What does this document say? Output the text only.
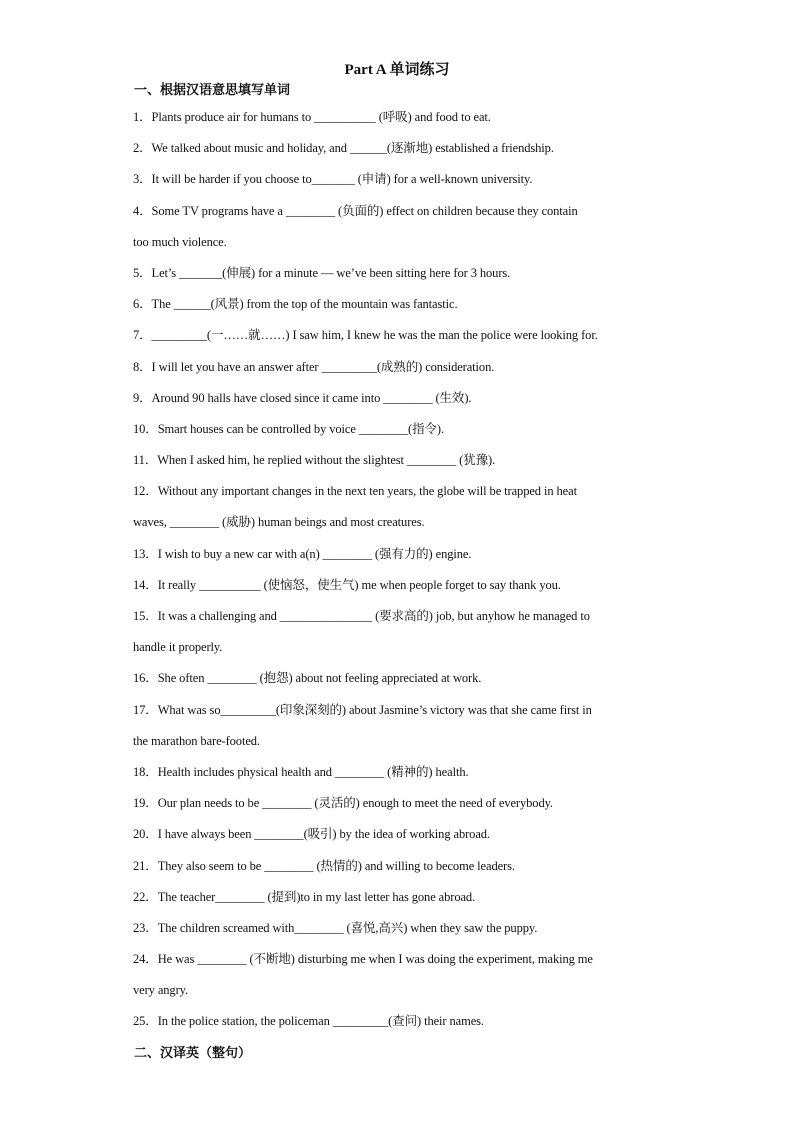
Part A 单词练习
一、根据汉语意思填写单词
1．Plants produce air for humans to __________ (呼吸) and food to eat.
2．We talked about music and holiday, and ______(逐渐地) established a friendship.
3．It will be harder if you choose to_______ (申请) for a well-known university.
4．Some TV programs have a ________ (负面的) effect on children because they contain
too much violence.
5．Let’s _______(伸展) for a minute — we’ve been sitting here for 3 hours.
6．The ______(风景) from the top of the mountain was fantastic.
7．_________(一……就……) I saw him, I knew he was the man the police were looking for.
8．I will let you have an answer after _________(成熟的) consideration.
9．Around 90 halls have closed since it came into ________ (生效).
10．Smart houses can be controlled by voice ________(指令).
11．When I asked him, he replied without the slightest ________ (犹豫).
12．Without any important changes in the next ten years, the globe will be trapped in heat
waves, ________ (威胁) human beings and most creatures.
13．I wish to buy a new car with a(n) ________ (强有力的) engine.
14．It really __________ (使恼怒，使生气) me when people forget to say thank you.
15．It was a challenging and _______________ (要求高的) job, but anyhow he managed to
handle it properly.
16．She often ________ (抱怨) about not feeling appreciated at work.
17．What was so_________(印象深刻的) about Jasmine’s victory was that she came first in
the marathon bare-footed.
18．Health includes physical health and ________ (精神的) health.
19．Our plan needs to be ________ (灵活的) enough to meet the need of everybody.
20．I have always been ________(吸引) by the idea of working abroad.
21．They also seem to be ________ (热情的) and willing to become leaders.
22．The teacher________ (提到)to in my last letter has gone abroad.
23．The children screamed with________ (喜悦,高兴) when they saw the puppy.
24．He was ________ (不断地) disturbing me when I was doing the experiment, making me
very angry.
25．In the police station, the policeman _________(查问) their names.
二、汉译英（整句）
